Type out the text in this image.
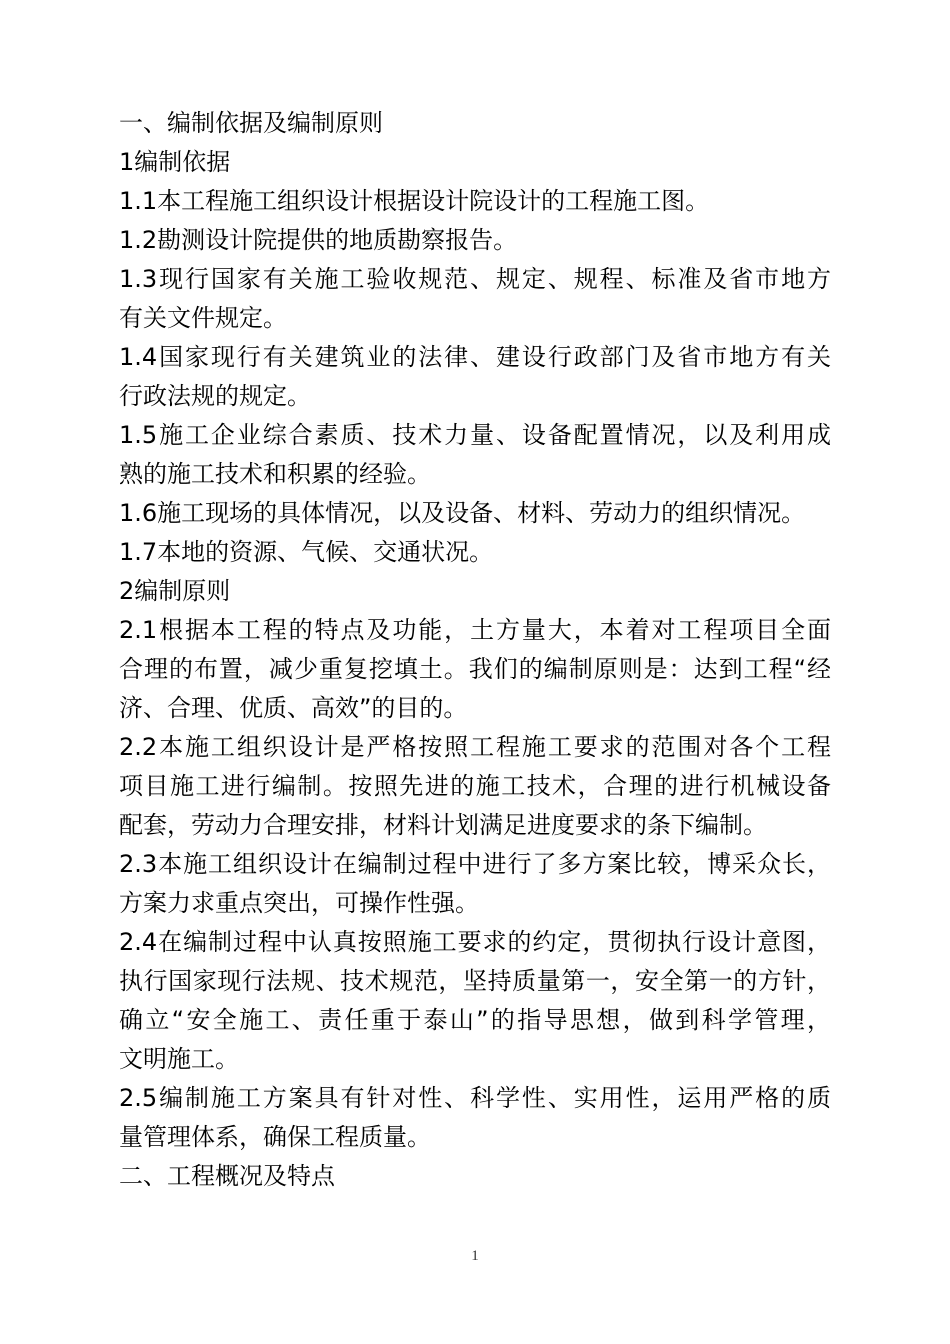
一、编制依据及编制原则
1编制依据
1.1本工程施工组织设计根据设计院设计的工程施工图。
1.2勘测设计院提供的地质勘察报告。
1.3现行国家有关施工验收规范、规定、规程、标准及省市地方
有关文件规定。
1.4国家现行有关建筑业的法律、建设行政部门及省市地方有关
行政法规的规定。
1.5施工企业综合素质、技术力量、设备配置情况，以及利用成
熟的施工技术和积累的经验。
1.6施工现场的具体情况，以及设备、材料、劳动力的组织情况。
1.7本地的资源、气候、交通状况。
2编制原则
2.1根据本工程的特点及功能，土方量大，本着对工程项目全面
合理的布置，减少重复挖填土。我们的编制原则是：达到工程“经
济、合理、优质、高效”的目的。
2.2本施工组织设计是严格按照工程施工要求的范围对各个工程
项目施工进行编制。按照先进的施工技术，合理的进行机械设备
配套，劳动力合理安排，材料计划满足进度要求的条下编制。
2.3本施工组织设计在编制过程中进行了多方案比较，博采众长，
方案力求重点突出，可操作性强。
2.4在编制过程中认真按照施工要求的约定，贯彻执行设计意图，
执行国家现行法规、技术规范，坚持质量第一，安全第一的方针，
确立“安全施工、责任重于泰山”的指导思想，做到科学管理，
文明施工。
2.5编制施工方案具有针对性、科学性、实用性，运用严格的质
量管理体系，确保工程质量。
二、工程概况及特点
1
